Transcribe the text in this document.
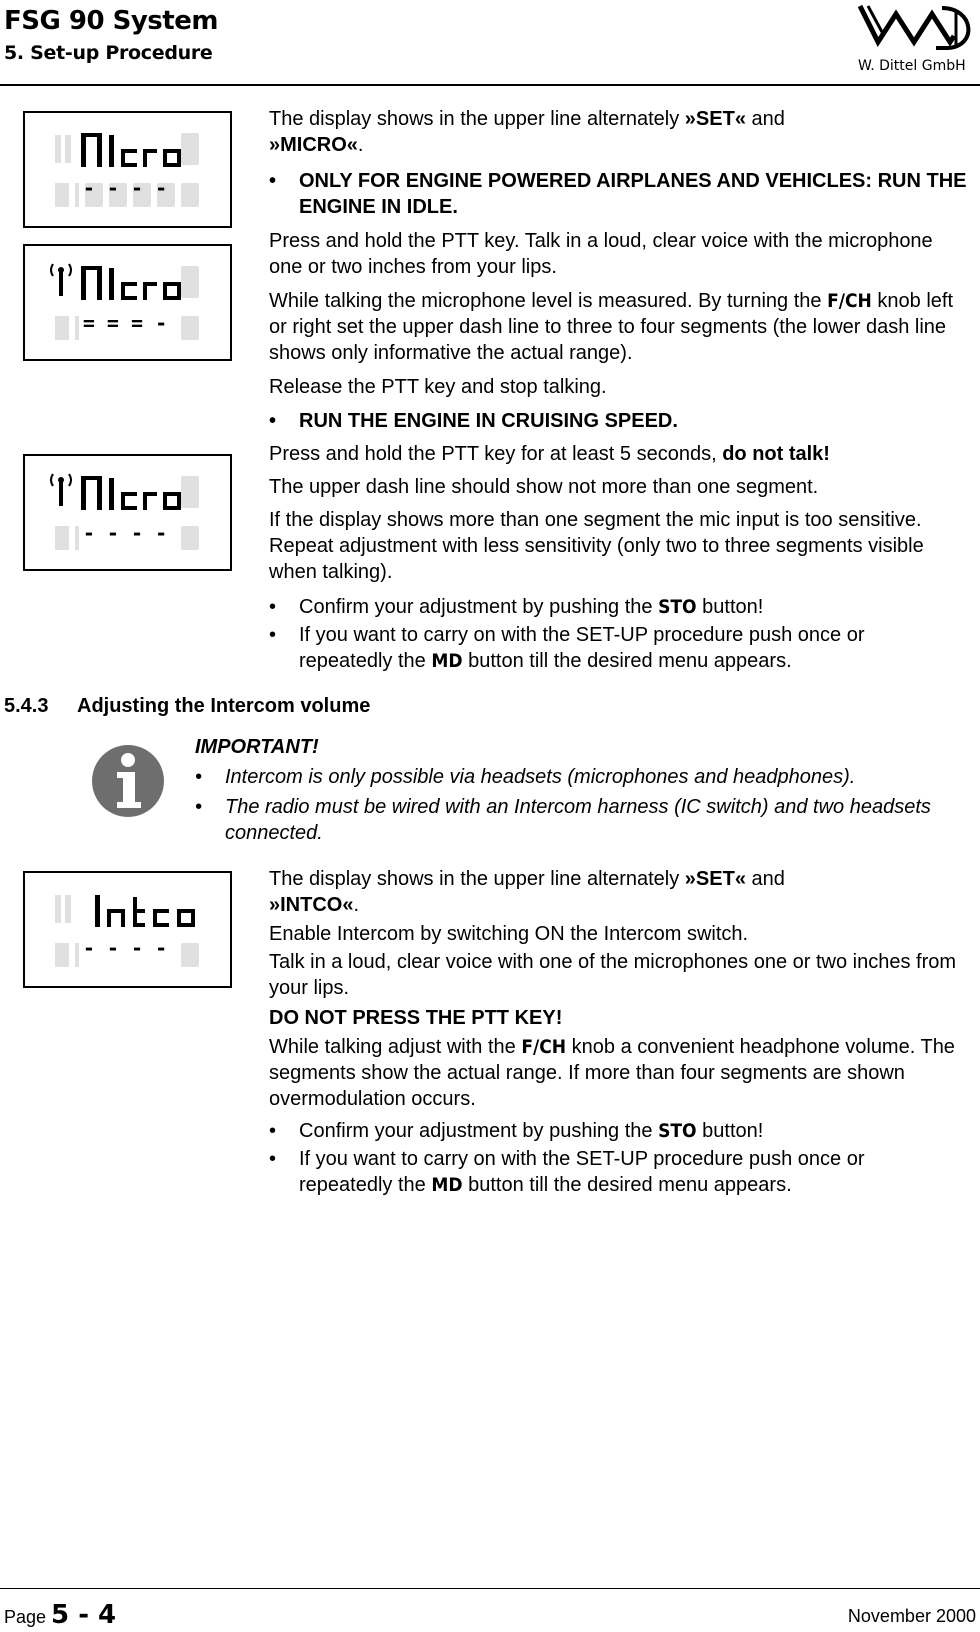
FSG 90 System
5. Set-up Procedure
W. Dittel GmbH
- - - -
= = = -
- - - -
- - - -

The display shows in the upper line alternately »SET« and
»MICRO«.

• ONLY FOR ENGINE POWERED AIRPLANES AND VEHICLES: RUN THE ENGINE IN IDLE.

Press and hold the PTT key. Talk in a loud, clear voice with the microphone one or two inches from your lips.

While talking the microphone level is measured. By turning the F/CH knob left or right set the upper dash line to three to four segments (the lower dash line shows only informative the actual range).

Release the PTT key and stop talking.

• RUN THE ENGINE IN CRUISING SPEED.

Press and hold the PTT key for at least 5 seconds, do not talk!

The upper dash line should show not more than one segment.

If the display shows more than one segment the mic input is too sensitive. Repeat adjustment with less sensitivity (only two to three segments visible when talking).

• Confirm your adjustment by pushing the STO button!
• If you want to carry on with the SET-UP procedure push once or repeatedly the MD button till the desired menu appears.
5.4.3 Adjusting the Intercom volume
IMPORTANT!
• Intercom is only possible via headsets (microphones and headphones).
• The radio must be wired with an Intercom harness (IC switch) and two headsets connected.

The display shows in the upper line alternately »SET« and
»INTCO«.

Enable Intercom by switching ON the Intercom switch.

Talk in a loud, clear voice with one of the microphones one or two inches from your lips.

DO NOT PRESS THE PTT KEY!

While talking adjust with the F/CH knob a convenient headphone volume. The segments show the actual range. If more than four segments are shown overmodulation occurs.

• Confirm your adjustment by pushing the STO button!
• If you want to carry on with the SET-UP procedure push once or repeatedly the MD button till the desired menu appears.
Page 5 - 4	November 2000
